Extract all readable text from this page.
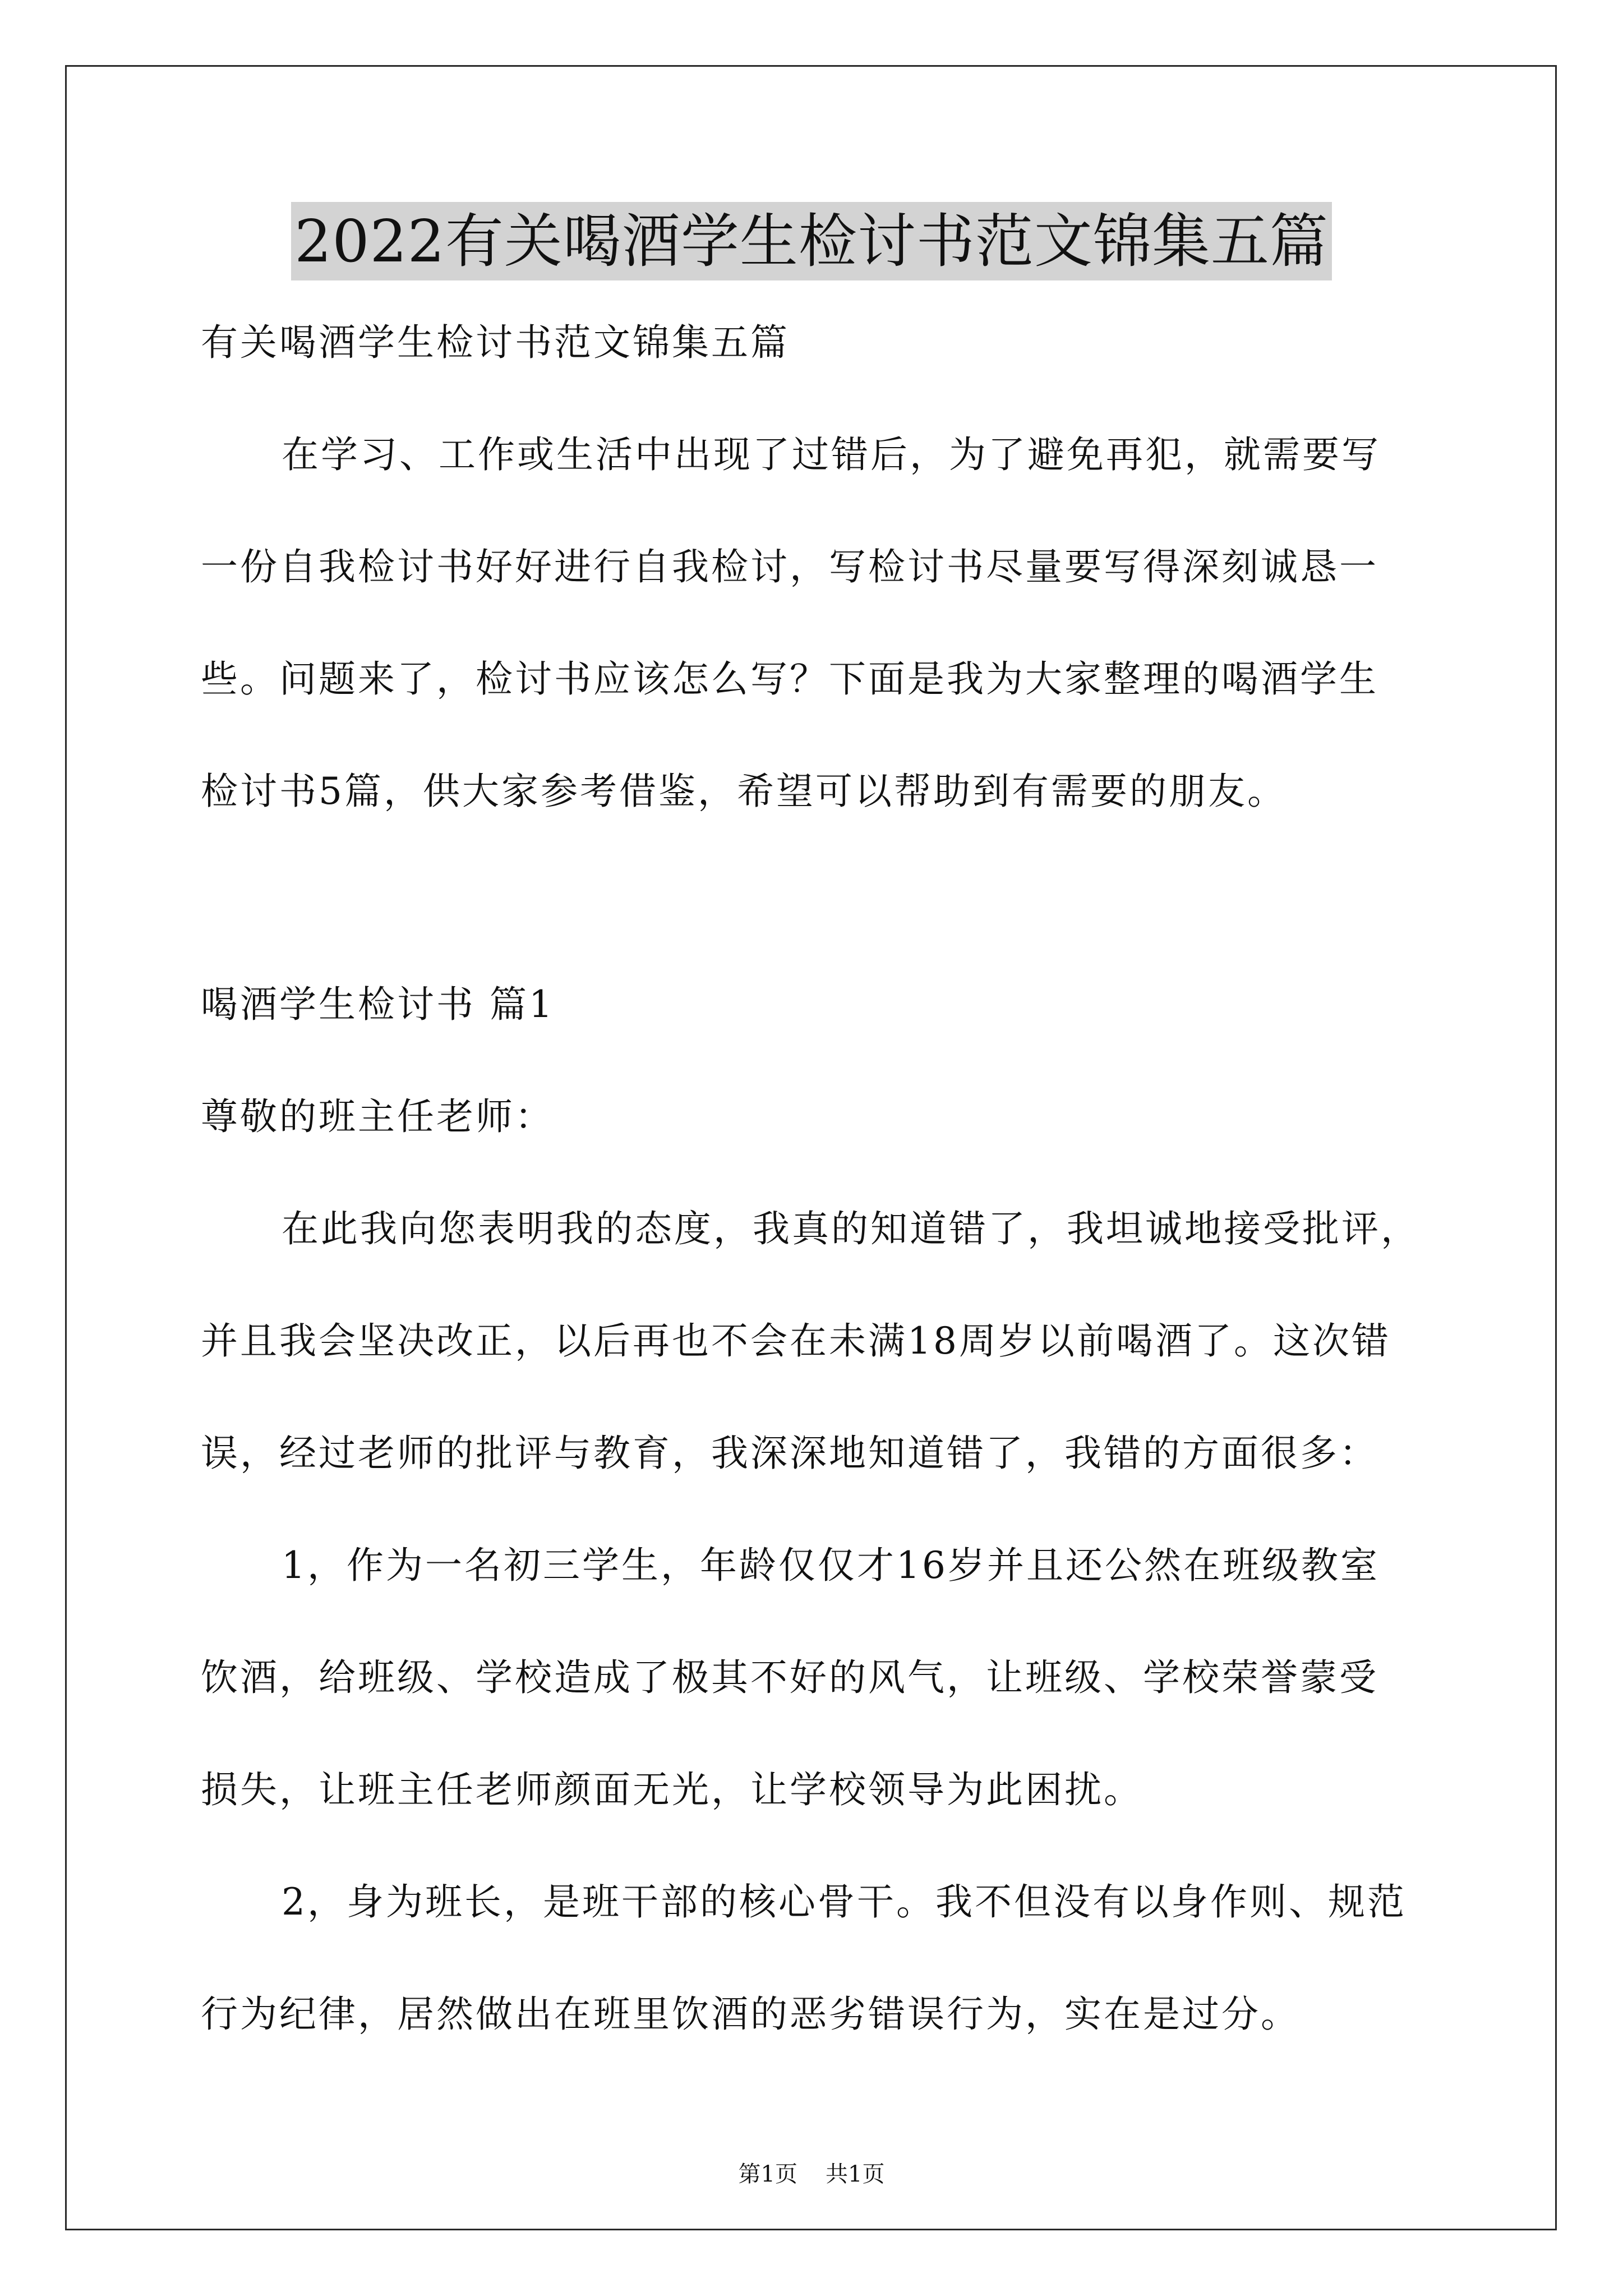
2022有关喝酒学生检讨书范文锦集五篇
有关喝酒学生检讨书范文锦集五篇
在学习、工作或生活中出现了过错后，为了避免再犯，就需要写
一份自我检讨书好好进行自我检讨，写检讨书尽量要写得深刻诚恳一
些。问题来了，检讨书应该怎么写？下面是我为大家整理的喝酒学生
检讨书5篇，供大家参考借鉴，希望可以帮助到有需要的朋友。
喝酒学生检讨书 篇1
尊敬的班主任老师：
在此我向您表明我的态度，我真的知道错了，我坦诚地接受批评，
并且我会坚决改正，以后再也不会在未满18周岁以前喝酒了。这次错
误，经过老师的批评与教育，我深深地知道错了，我错的方面很多：
1，作为一名初三学生，年龄仅仅才16岁并且还公然在班级教室
饮酒，给班级、学校造成了极其不好的风气，让班级、学校荣誉蒙受
损失，让班主任老师颜面无光，让学校领导为此困扰。
2，身为班长，是班干部的核心骨干。我不但没有以身作则、规范
行为纪律，居然做出在班里饮酒的恶劣错误行为，实在是过分。
第1页 共1页
